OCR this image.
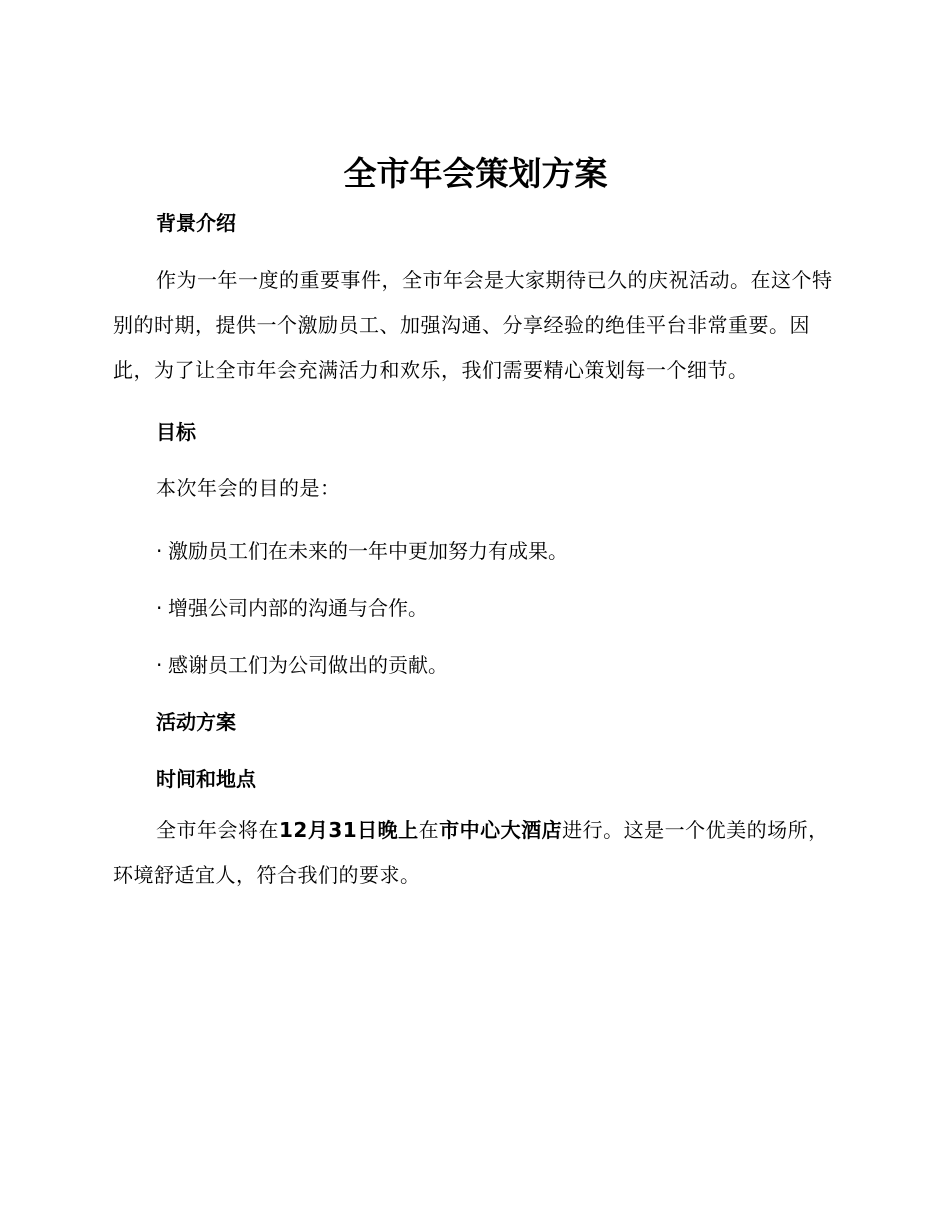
全市年会策划方案
背景介绍

作为一年一度的重要事件，全市年会是大家期待已久的庆祝活动。在这个特别的时期，提供一个激励员工、加强沟通、分享经验的绝佳平台非常重要。因此，为了让全市年会充满活力和欢乐，我们需要精心策划每一个细节。

目标

本次年会的目的是：

· 激励员工们在未来的一年中更加努力有成果。

· 增强公司内部的沟通与合作。

· 感谢员工们为公司做出的贡献。

活动方案
时间和地点

全市年会将在12月31日晚上在市中心大酒店进行。这是一个优美的场所，环境舒适宜人，符合我们的要求。
